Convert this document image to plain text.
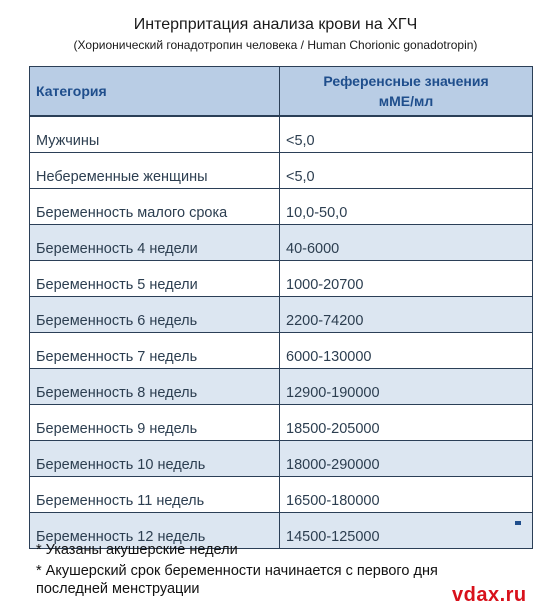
Интерпритация анализа крови на ХГЧ
(Хорионический гонадотропин человека / Human Chorionic gonadotropin)
Категория	Референсные значения
мМЕ/мл
Мужчины	<5,0
Небеременные женщины	<5,0
Беременность малого срока	10,0-50,0
Беременность 4 недели	40-6000
Беременность 5 недели	1000-20700
Беременность 6 недель	2200-74200
Беременность 7 недель	6000-130000
Беременность 8 недель	12900-190000
Беременность 9 недель	18500-205000
Беременность 10 недель	18000-290000
Беременность 11 недель	16500-180000
Беременность 12 недель	14500-125000
* Указаны акушерские недели
* Акушерский срок беременности начинается с первого дня последней менструации	vdax.ru
